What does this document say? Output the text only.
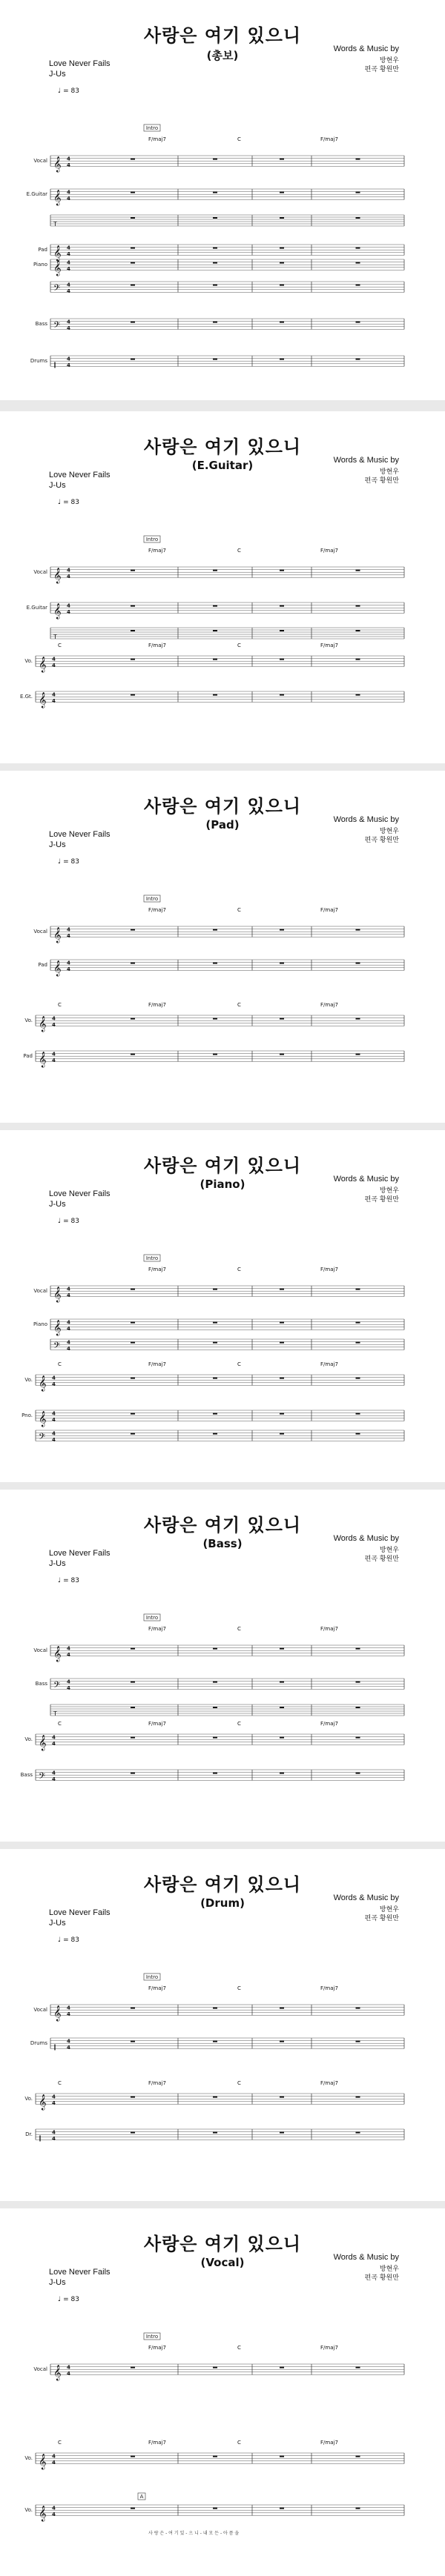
사랑은 여기 있으니
(총보)	Words & Music by
방현우
편곡 황원만
Love Never Fails
J-Us
♩ = 83
Intro
F/maj7	C	F/maj7
𝄞 4
4
Vocal
𝄞 4
4
E.Guitar
T
𝄞 4
4
Pad
𝄞 4
4
Piano
𝄢 4
4
𝄢 4
4
Bass
‖
4
4
Drums
사랑은 여기 있으니
(E.Guitar)	Words & Music by
방현우
편곡 황원만
Love Never Fails
J-Us
♩ = 83
Intro
F/maj7	C	F/maj7
C	F/maj7	C	F/maj7
𝄞 4
4
Vocal
𝄞 4
4
E.Guitar
T
𝄞 4
4
Vo.
𝄞 4
4
E.Gt.
사랑은 여기 있으니
(Pad)	Words & Music by
방현우
편곡 황원만
Love Never Fails
J-Us
♩ = 83
Intro
F/maj7	C	F/maj7
C	F/maj7	C	F/maj7
𝄞 4
4
Vocal
𝄞 4
4
Pad
𝄞 4
4
Vo.
𝄞 4
4
Pad
사랑은 여기 있으니
(Piano)	Words & Music by
방현우
편곡 황원만
Love Never Fails
J-Us
♩ = 83
Intro
F/maj7	C	F/maj7
C	F/maj7	C	F/maj7
𝄞 4
4
Vocal
𝄞 4
4
Piano
𝄢 4
4
𝄞 4
4
Vo.
𝄞 4
4
Pno.
𝄢 4
4
사랑은 여기 있으니
(Bass)	Words & Music by
방현우
편곡 황원만
Love Never Fails
J-Us
♩ = 83
Intro
F/maj7	C	F/maj7
C	F/maj7	C	F/maj7
𝄞 4
4
Vocal
𝄢 4
4
Bass
T
𝄞 4
4
Vo.
𝄢 4
4
Bass
사랑은 여기 있으니
(Drum)	Words & Music by
방현우
편곡 황원만
Love Never Fails
J-Us
♩ = 83
Intro
F/maj7	C	F/maj7
C	F/maj7	C	F/maj7
𝄞 4
4
Vocal
‖
4
4
Drums
𝄞 4
4
Vo.
‖
4
4
Dr.
사랑은 여기 있으니
(Vocal)	Words & Music by
방현우
편곡 황원만
Love Never Fails
J-Us
♩ = 83
Intro
F/maj7	C	F/maj7
C	F/maj7	C	F/maj7
𝄞 4
4
Vocal
𝄞 4
4
Vo.
𝄞 4
4
Vo.
사 랑 은 - 여 기 있 - 으 니 - 내 모 든 - 아 픔 을
A
